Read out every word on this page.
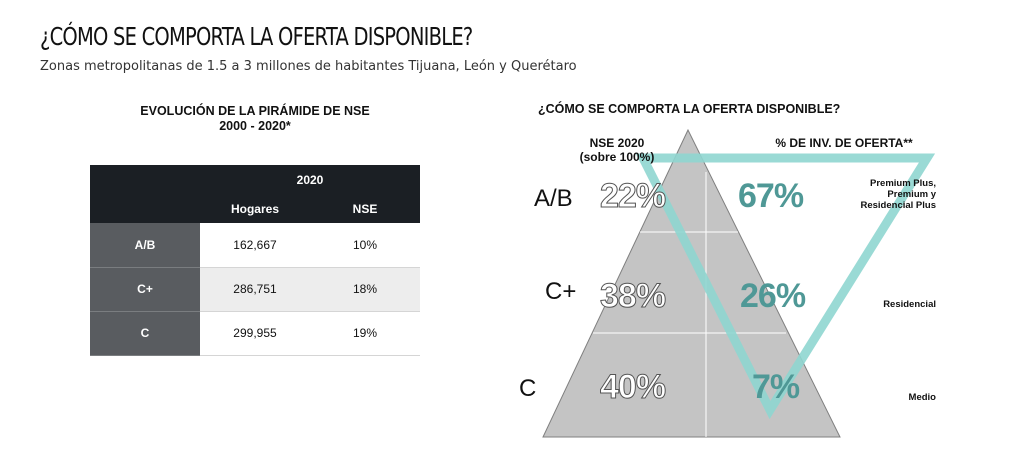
¿CÓMO SE COMPORTA LA OFERTA DISPONIBLE?
Zonas metropolitanas de 1.5 a 3 millones de habitantes Tijuana, León y Querétaro
EVOLUCIÓN DE LA PIRÁMIDE DE NSE
2000 - 2020*
	2020	
	Hogares	NSE
A/B	162,667	10%
C+	286,751	18%
C	299,955	19%
¿CÓMO SE COMPORTA LA OFERTA DISPONIBLE?
NSE 2020
(sobre 100%)
% DE INV. DE OFERTA**
A/B
C+
C
22%
38%
40%
67%
26%
7%
Premium Plus,
Premium y
Residencial Plus
Residencial
Medio
